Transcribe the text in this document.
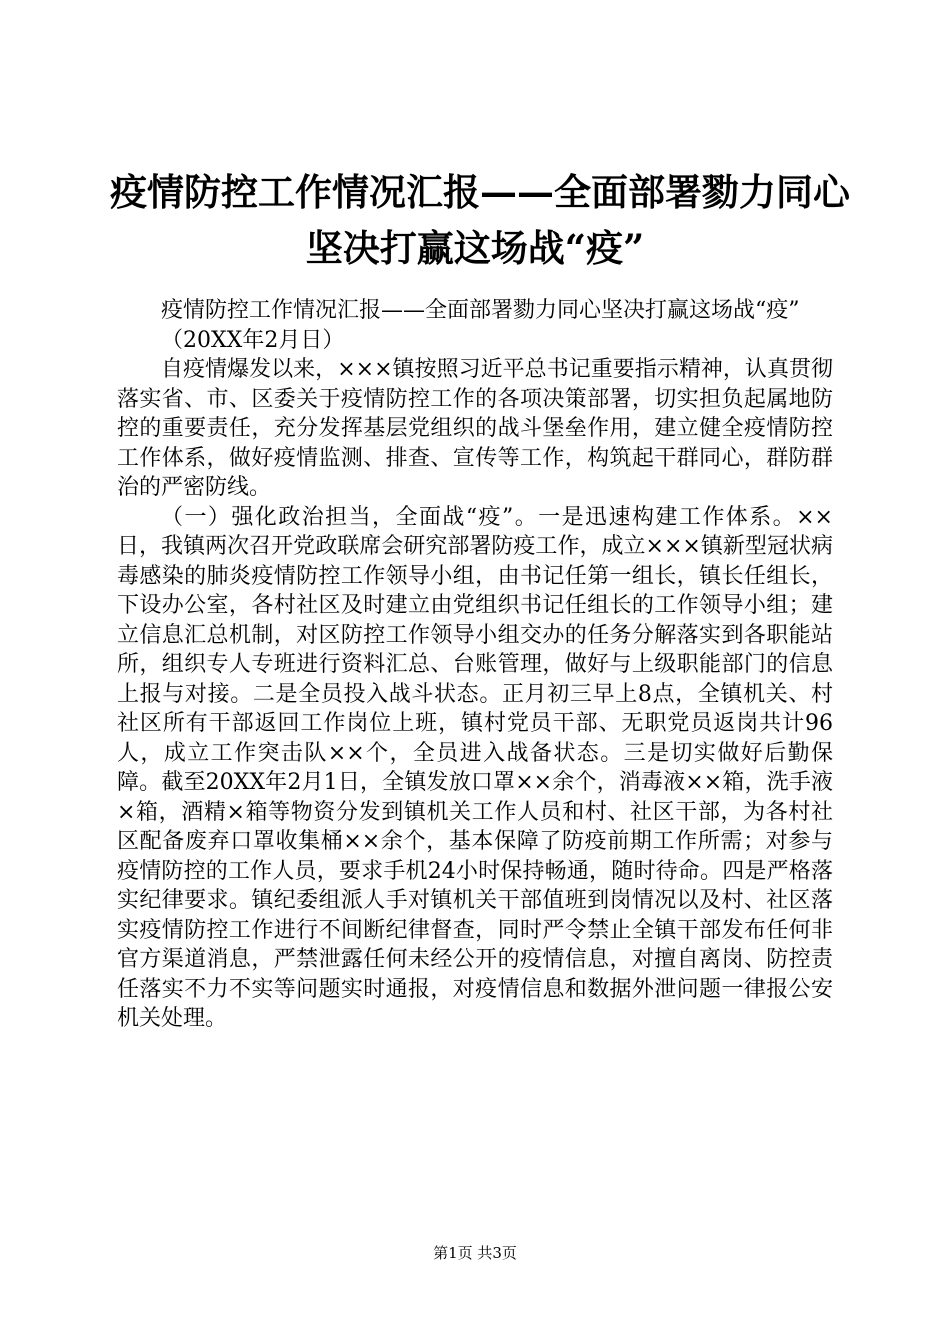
疫情防控工作情况汇报——全面部署勠力同心
坚决打赢这场战“疫”

疫情防控工作情况汇报——全面部署勠力同心坚决打赢这场战“疫”

（20XX年2月日）

自疫情爆发以来，×××镇按照习近平总书记重要指示精神，认真贯彻落实省、市、区委关于疫情防控工作的各项决策部署，切实担负起属地防控的重要责任，充分发挥基层党组织的战斗堡垒作用，建立健全疫情防控工作体系，做好疫情监测、排查、宣传等工作，构筑起干群同心，群防群治的严密防线。

（一）强化政治担当，全面战“疫”。一是迅速构建工作体系。××日，我镇两次召开党政联席会研究部署防疫工作，成立×××镇新型冠状病毒感染的肺炎疫情防控工作领导小组，由书记任第一组长，镇长任组长，下设办公室，各村社区及时建立由党组织书记任组长的工作领导小组；建立信息汇总机制，对区防控工作领导小组交办的任务分解落实到各职能站所，组织专人专班进行资料汇总、台账管理，做好与上级职能部门的信息上报与对接。二是全员投入战斗状态。正月初三早上8点，全镇机关、村社区所有干部返回工作岗位上班，镇村党员干部、无职党员返岗共计96人，成立工作突击队××个，全员进入战备状态。三是切实做好后勤保障。截至20XX年2月1日，全镇发放口罩××余个，消毒液××箱，洗手液×箱，酒精×箱等物资分发到镇机关工作人员和村、社区干部，为各村社区配备废弃口罩收集桶××余个，基本保障了防疫前期工作所需；对参与疫情防控的工作人员，要求手机24小时保持畅通，随时待命。四是严格落实纪律要求。镇纪委组派人手对镇机关干部值班到岗情况以及村、社区落实疫情防控工作进行不间断纪律督查，同时严令禁止全镇干部发布任何非官方渠道消息，严禁泄露任何未经公开的疫情信息，对擅自离岗、防控责任落实不力不实等问题实时通报，对疫情信息和数据外泄问题一律报公安机关处理。

第1页 共3页
